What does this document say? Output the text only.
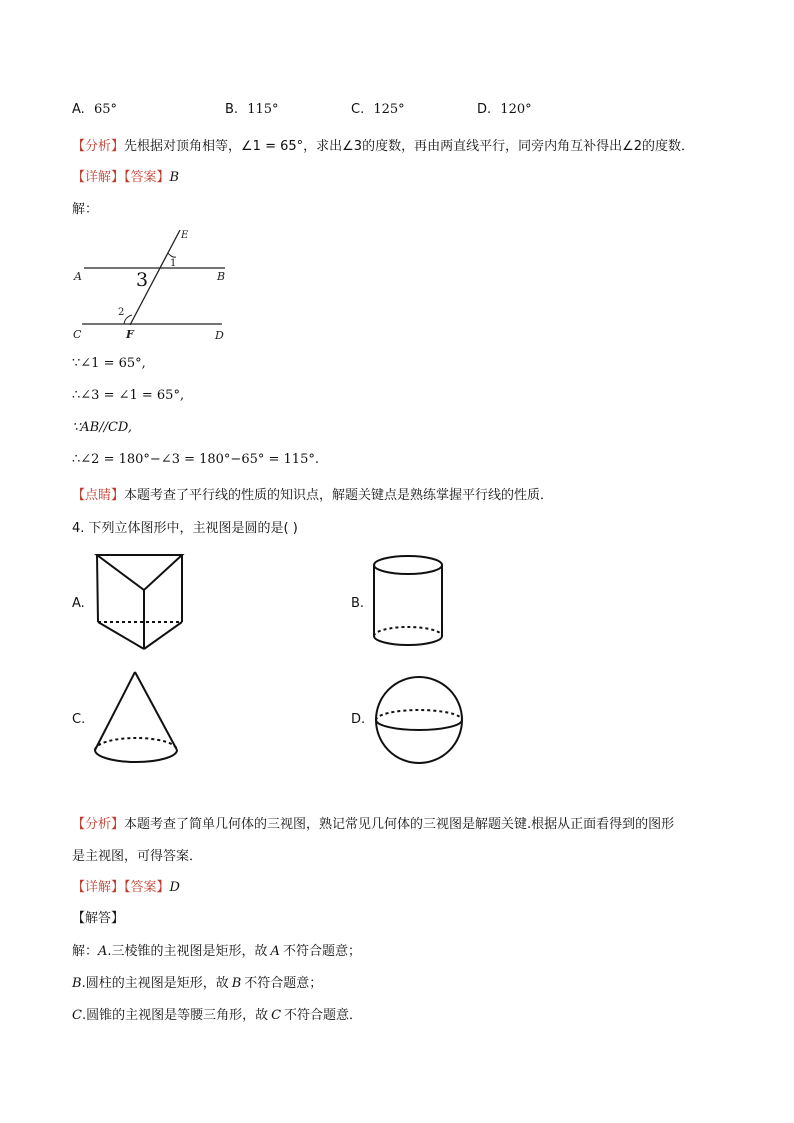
A. 65°	B. 115°	C. 125°	D. 120°
【分析】先根据对顶角相等，∠1 = 65°，求出∠3的度数，再由两直线平行，同旁内角互补得出∠2的度数．
【详解】【答案】B
解：
E
1
A	3	B
2
C	F	D
∵∠1 = 65°,
∴∠3 = ∠1 = 65°,
∵AB//CD,
∴∠2 = 180°−∠3 = 180°−65° = 115°.
【点睛】本题考查了平行线的性质的知识点，解题关键点是熟练掌握平行线的性质．
4. 下列立体图形中，主视图是圆的是( )
A.	B.
C.	D.
【分析】本题考查了简单几何体的三视图，熟记常见几何体的三视图是解题关键.根据从正面看得到的图形
是主视图，可得答案．
【详解】【答案】D
【解答】
解：A.三棱锥的主视图是矩形，故 A 不符合题意；
B.圆柱的主视图是矩形，故 B 不符合题意；
C.圆锥的主视图是等腰三角形，故 C 不符合题意．
